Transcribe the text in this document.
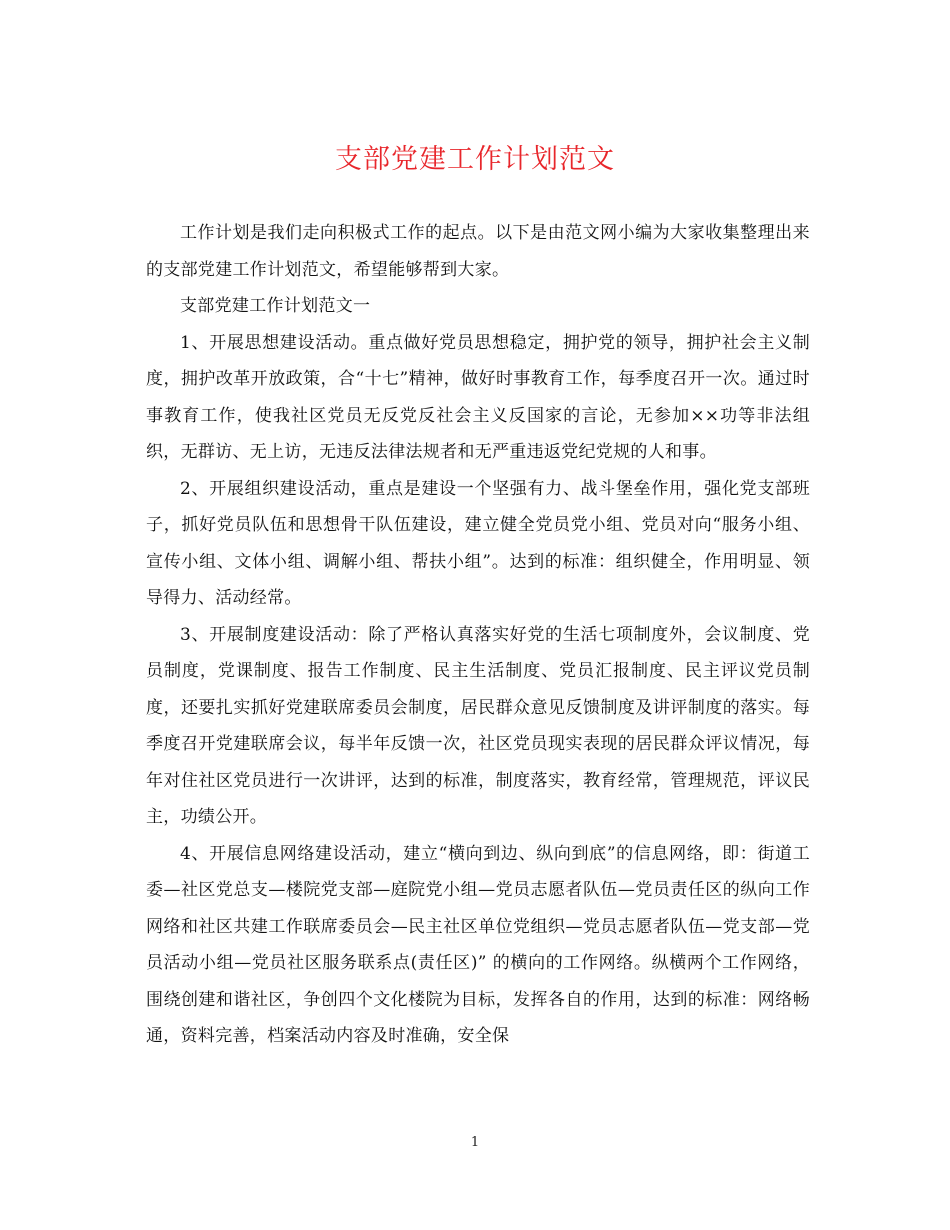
支部党建工作计划范文

工作计划是我们走向积极式工作的起点。以下是由范文网小编为大家收集整理出来的支部党建工作计划范文，希望能够帮到大家。

支部党建工作计划范文一

1、开展思想建设活动。重点做好党员思想稳定，拥护党的领导，拥护社会主义制度，拥护改革开放政策，合“十七”精神，做好时事教育工作，每季度召开一次。通过时事教育工作，使我社区党员无反党反社会主义反国家的言论，无参加××功等非法组织，无群访、无上访，无违反法律法规者和无严重违返党纪党规的人和事。

2、开展组织建设活动，重点是建设一个坚强有力、战斗堡垒作用，强化党支部班子，抓好党员队伍和思想骨干队伍建设，建立健全党员党小组、党员对向“服务小组、宣传小组、文体小组、调解小组、帮扶小组”。达到的标准：组织健全，作用明显、领导得力、活动经常。

3、开展制度建设活动：除了严格认真落实好党的生活七项制度外，会议制度、党员制度，党课制度、报告工作制度、民主生活制度、党员汇报制度、民主评议党员制度，还要扎实抓好党建联席委员会制度，居民群众意见反馈制度及讲评制度的落实。每季度召开党建联席会议，每半年反馈一次，社区党员现实表现的居民群众评议情况，每年对住社区党员进行一次讲评，达到的标准，制度落实，教育经常，管理规范，评议民主，功绩公开。

4、开展信息网络建设活动，建立“横向到边、纵向到底”的信息网络，即：街道工委—社区党总支—楼院党支部—庭院党小组—党员志愿者队伍—党员责任区的纵向工作网络和社区共建工作联席委员会—民主社区单位党组织—党员志愿者队伍—党支部—党员活动小组—党员社区服务联系点(责任区)” 的横向的工作网络。纵横两个工作网络，围绕创建和谐社区，争创四个文化楼院为目标，发挥各自的作用，达到的标准：网络畅通，资料完善，档案活动内容及时准确，安全保

1
